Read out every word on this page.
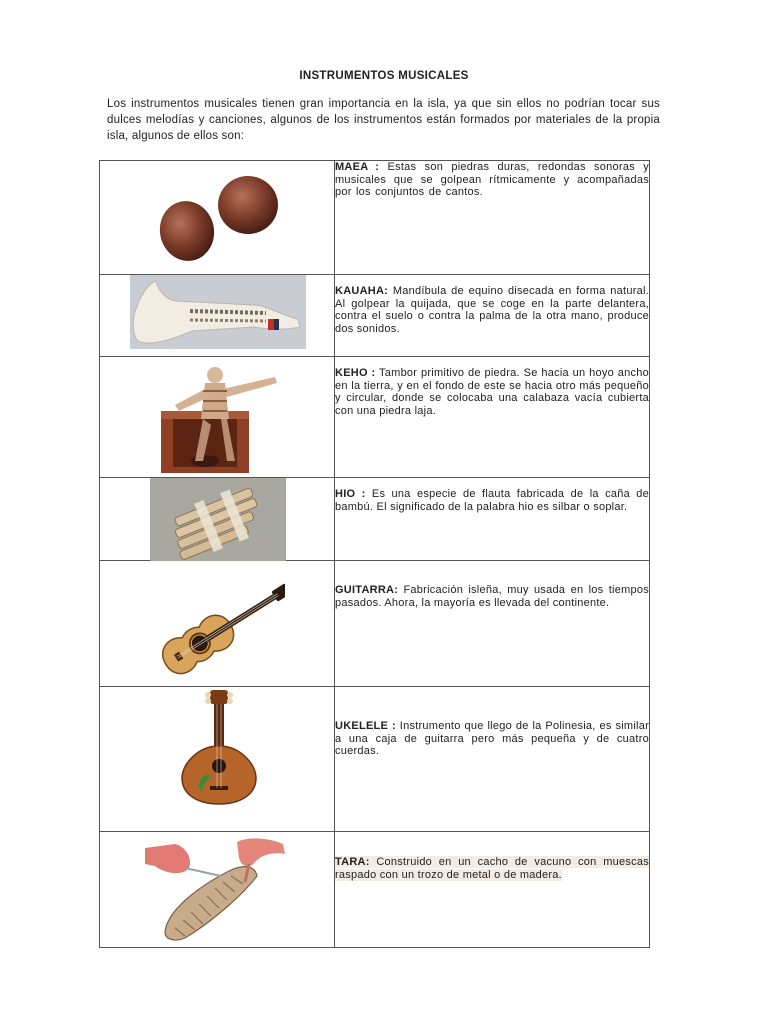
INSTRUMENTOS MUSICALES
Los instrumentos musicales tienen gran importancia en la isla, ya que sin ellos no podrían tocar sus dulces melodías y canciones, algunos de los instrumentos están formados por materiales de la propia isla, algunos de ellos son:
	MAEA : Estas son piedras duras, redondas sonoras y musicales que se golpean rítmicamente y acompañadas por los conjuntos de cantos.

	KAUAHA: Mandíbula de equino disecada en forma natural. Al golpear la quijada, que se coge en la parte delantera, contra el suelo o contra la palma de la otra mano, produce dos sonidos.

	KEHO : Tambor primitivo de piedra. Se hacia un hoyo ancho en la tierra, y en el fondo de este se hacia otro más pequeño y circular, donde se colocaba una calabaza vacía cubierta con una piedra laja.

	HIO : Es una especie de flauta fabricada de la caña de bambú. El significado de la palabra hio es silbar o soplar.

	GUITARRA: Fabricación isleña, muy usada en los tiempos pasados. Ahora, la mayoría es llevada del continente.

	UKELELE : Instrumento que llego de la Polinesia, es similar a una caja de guitarra pero más pequeña y de cuatro cuerdas.

	TARA: Construido en un cacho de vacuno con muescas raspado con un trozo de metal o de madera.
